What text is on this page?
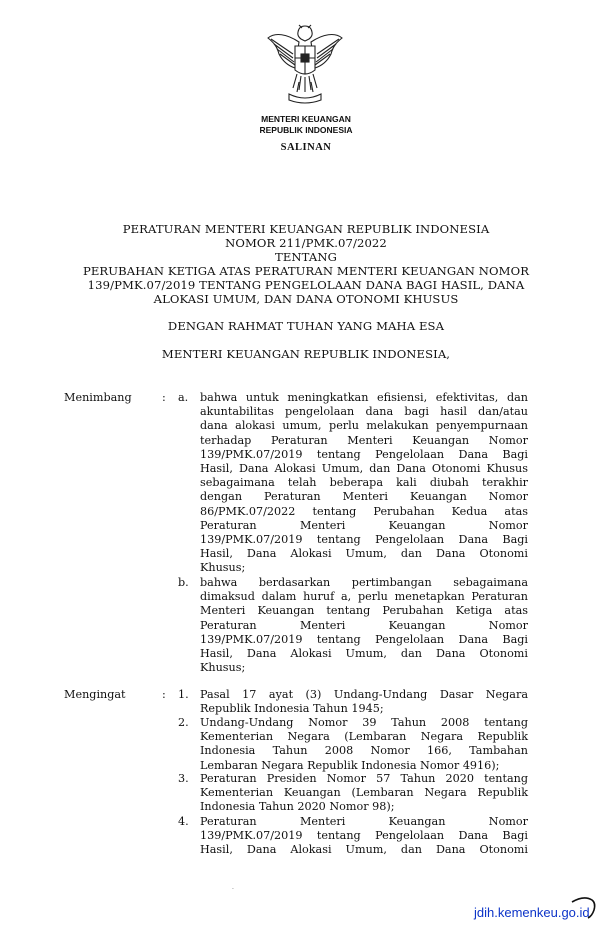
MENTERI KEUANGAN
REPUBLIK INDONESIA
SALINAN
PERATURAN MENTERI KEUANGAN REPUBLIK INDONESIA
NOMOR 211/PMK.07/2022
TENTANG
PERUBAHAN KETIGA ATAS PERATURAN MENTERI KEUANGAN NOMOR
139/PMK.07/2019 TENTANG PENGELOLAAN DANA BAGI HASIL, DANA
ALOKASI UMUM, DAN DANA OTONOMI KHUSUS
DENGAN RAHMAT TUHAN YANG MAHA ESA
MENTERI KEUANGAN REPUBLIK INDONESIA,
Menimbang	: a. bahwa untuk meningkatkan efisiensi, efektivitas, dan
akuntabilitas pengelolaan dana bagi hasil dan/atau
dana alokasi umum, perlu melakukan penyempurnaan
terhadap Peraturan Menteri Keuangan Nomor
139/PMK.07/2019 tentang Pengelolaan Dana Bagi
Hasil, Dana Alokasi Umum, dan Dana Otonomi Khusus
sebagaimana telah beberapa kali diubah terakhir
dengan Peraturan Menteri Keuangan Nomor
86/PMK.07/2022 tentang Perubahan Kedua atas
Peraturan Menteri Keuangan Nomor
139/PMK.07/2019 tentang Pengelolaan Dana Bagi
Hasil, Dana Alokasi Umum, dan Dana Otonomi
Khusus;
b. bahwa berdasarkan pertimbangan sebagaimana
dimaksud dalam huruf a, perlu menetapkan Peraturan
Menteri Keuangan tentang Perubahan Ketiga atas
Peraturan Menteri Keuangan Nomor
139/PMK.07/2019 tentang Pengelolaan Dana Bagi
Hasil, Dana Alokasi Umum, dan Dana Otonomi
Khusus;
Mengingat	: 1. Pasal 17 ayat (3) Undang-Undang Dasar Negara
Republik Indonesia Tahun 1945;
2. Undang-Undang Nomor 39 Tahun 2008 tentang
Kementerian Negara (Lembaran Negara Republik
Indonesia Tahun 2008 Nomor 166, Tambahan
Lembaran Negara Republik Indonesia Nomor 4916);
3. Peraturan Presiden Nomor 57 Tahun 2020 tentang
Kementerian Keuangan (Lembaran Negara Republik
Indonesia Tahun 2020 Nomor 98);
4. Peraturan Menteri Keuangan Nomor
139/PMK.07/2019 tentang Pengelolaan Dana Bagi
Hasil, Dana Alokasi Umum, dan Dana Otonomi
.
jdih.kemenkeu.go.id
